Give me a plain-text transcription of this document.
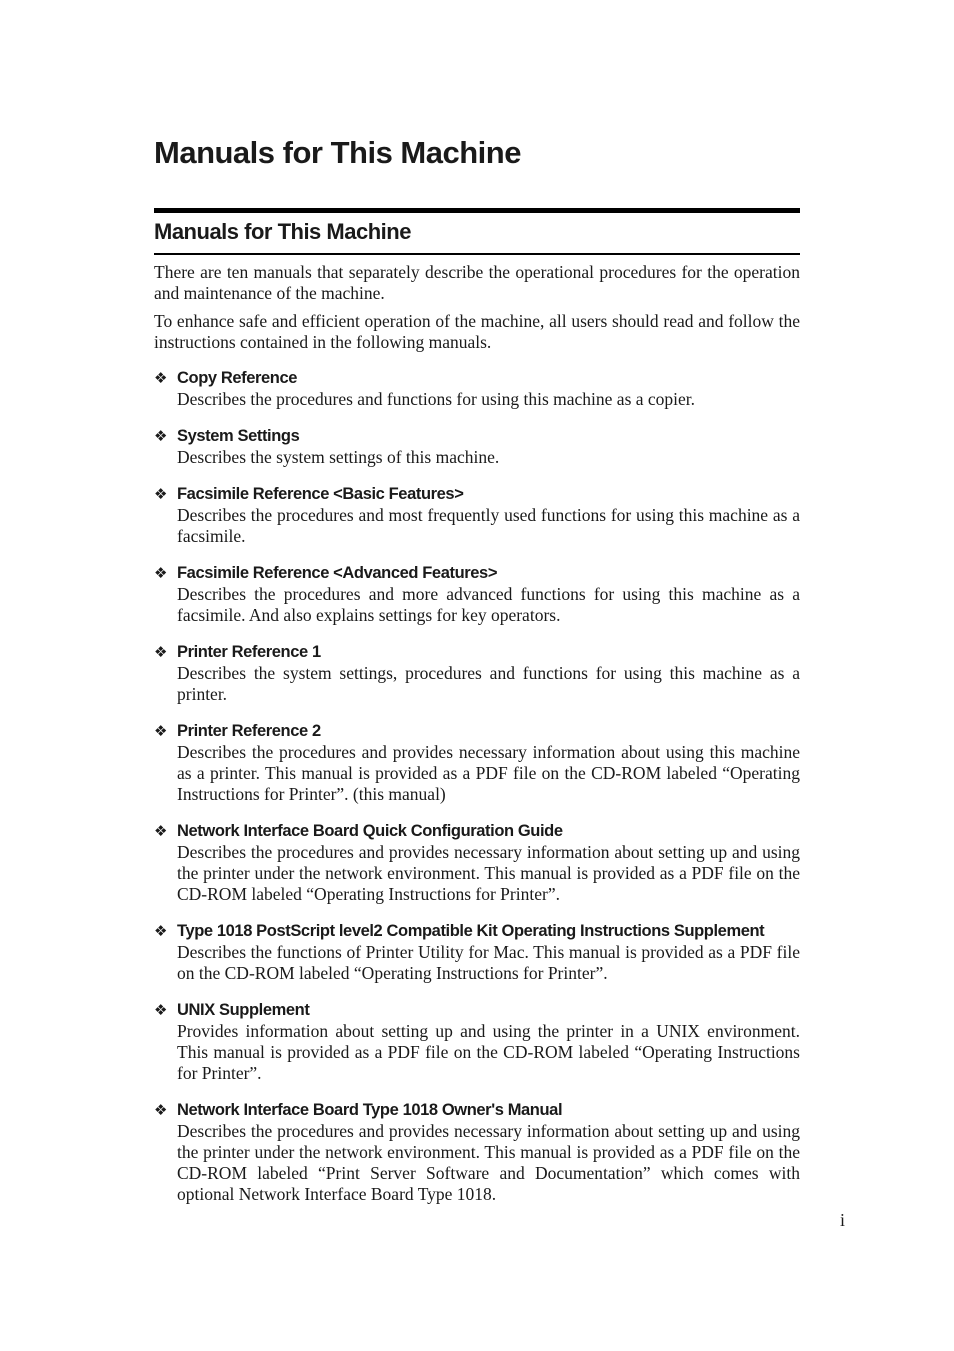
Manuals for This Machine
Manuals for This Machine

There are ten manuals that separately describe the operational procedures for the operation and maintenance of the machine.

To enhance safe and efficient operation of the machine, all users should read and follow the instructions contained in the following manuals.

❖ Copy Reference

Describes the procedures and functions for using this machine as a copier.

❖ System Settings

Describes the system settings of this machine.

❖ Facsimile Reference <Basic Features>

Describes the procedures and most frequently used functions for using this machine as a facsimile.

❖ Facsimile Reference <Advanced Features>

Describes the procedures and more advanced functions for using this machine as a facsimile. And also explains settings for key operators.

❖ Printer Reference 1

Describes the system settings, procedures and functions for using this machine as a printer.

❖ Printer Reference 2

Describes the procedures and provides necessary information about using this machine as a printer. This manual is provided as a PDF file on the CD-ROM labeled “Operating Instructions for Printer”. (this manual)

❖ Network Interface Board Quick Configuration Guide

Describes the procedures and provides necessary information about setting up and using the printer under the network environment. This manual is provided as a PDF file on the CD-ROM labeled “Operating Instructions for Printer”.

❖ Type 1018 PostScript level2 Compatible Kit Operating Instructions Supplement

Describes the functions of Printer Utility for Mac. This manual is provided as a PDF file on the CD-ROM labeled “Operating Instructions for Printer”.

❖ UNIX Supplement

Provides information about setting up and using the printer in a UNIX environment. This manual is provided as a PDF file on the CD-ROM labeled “Operating Instructions for Printer”.

❖ Network Interface Board Type 1018 Owner's Manual

Describes the procedures and provides necessary information about setting up and using the printer under the network environment. This manual is provided as a PDF file on the CD-ROM labeled “Print Server Software and Documentation” which comes with optional Network Interface Board Type 1018.

i
